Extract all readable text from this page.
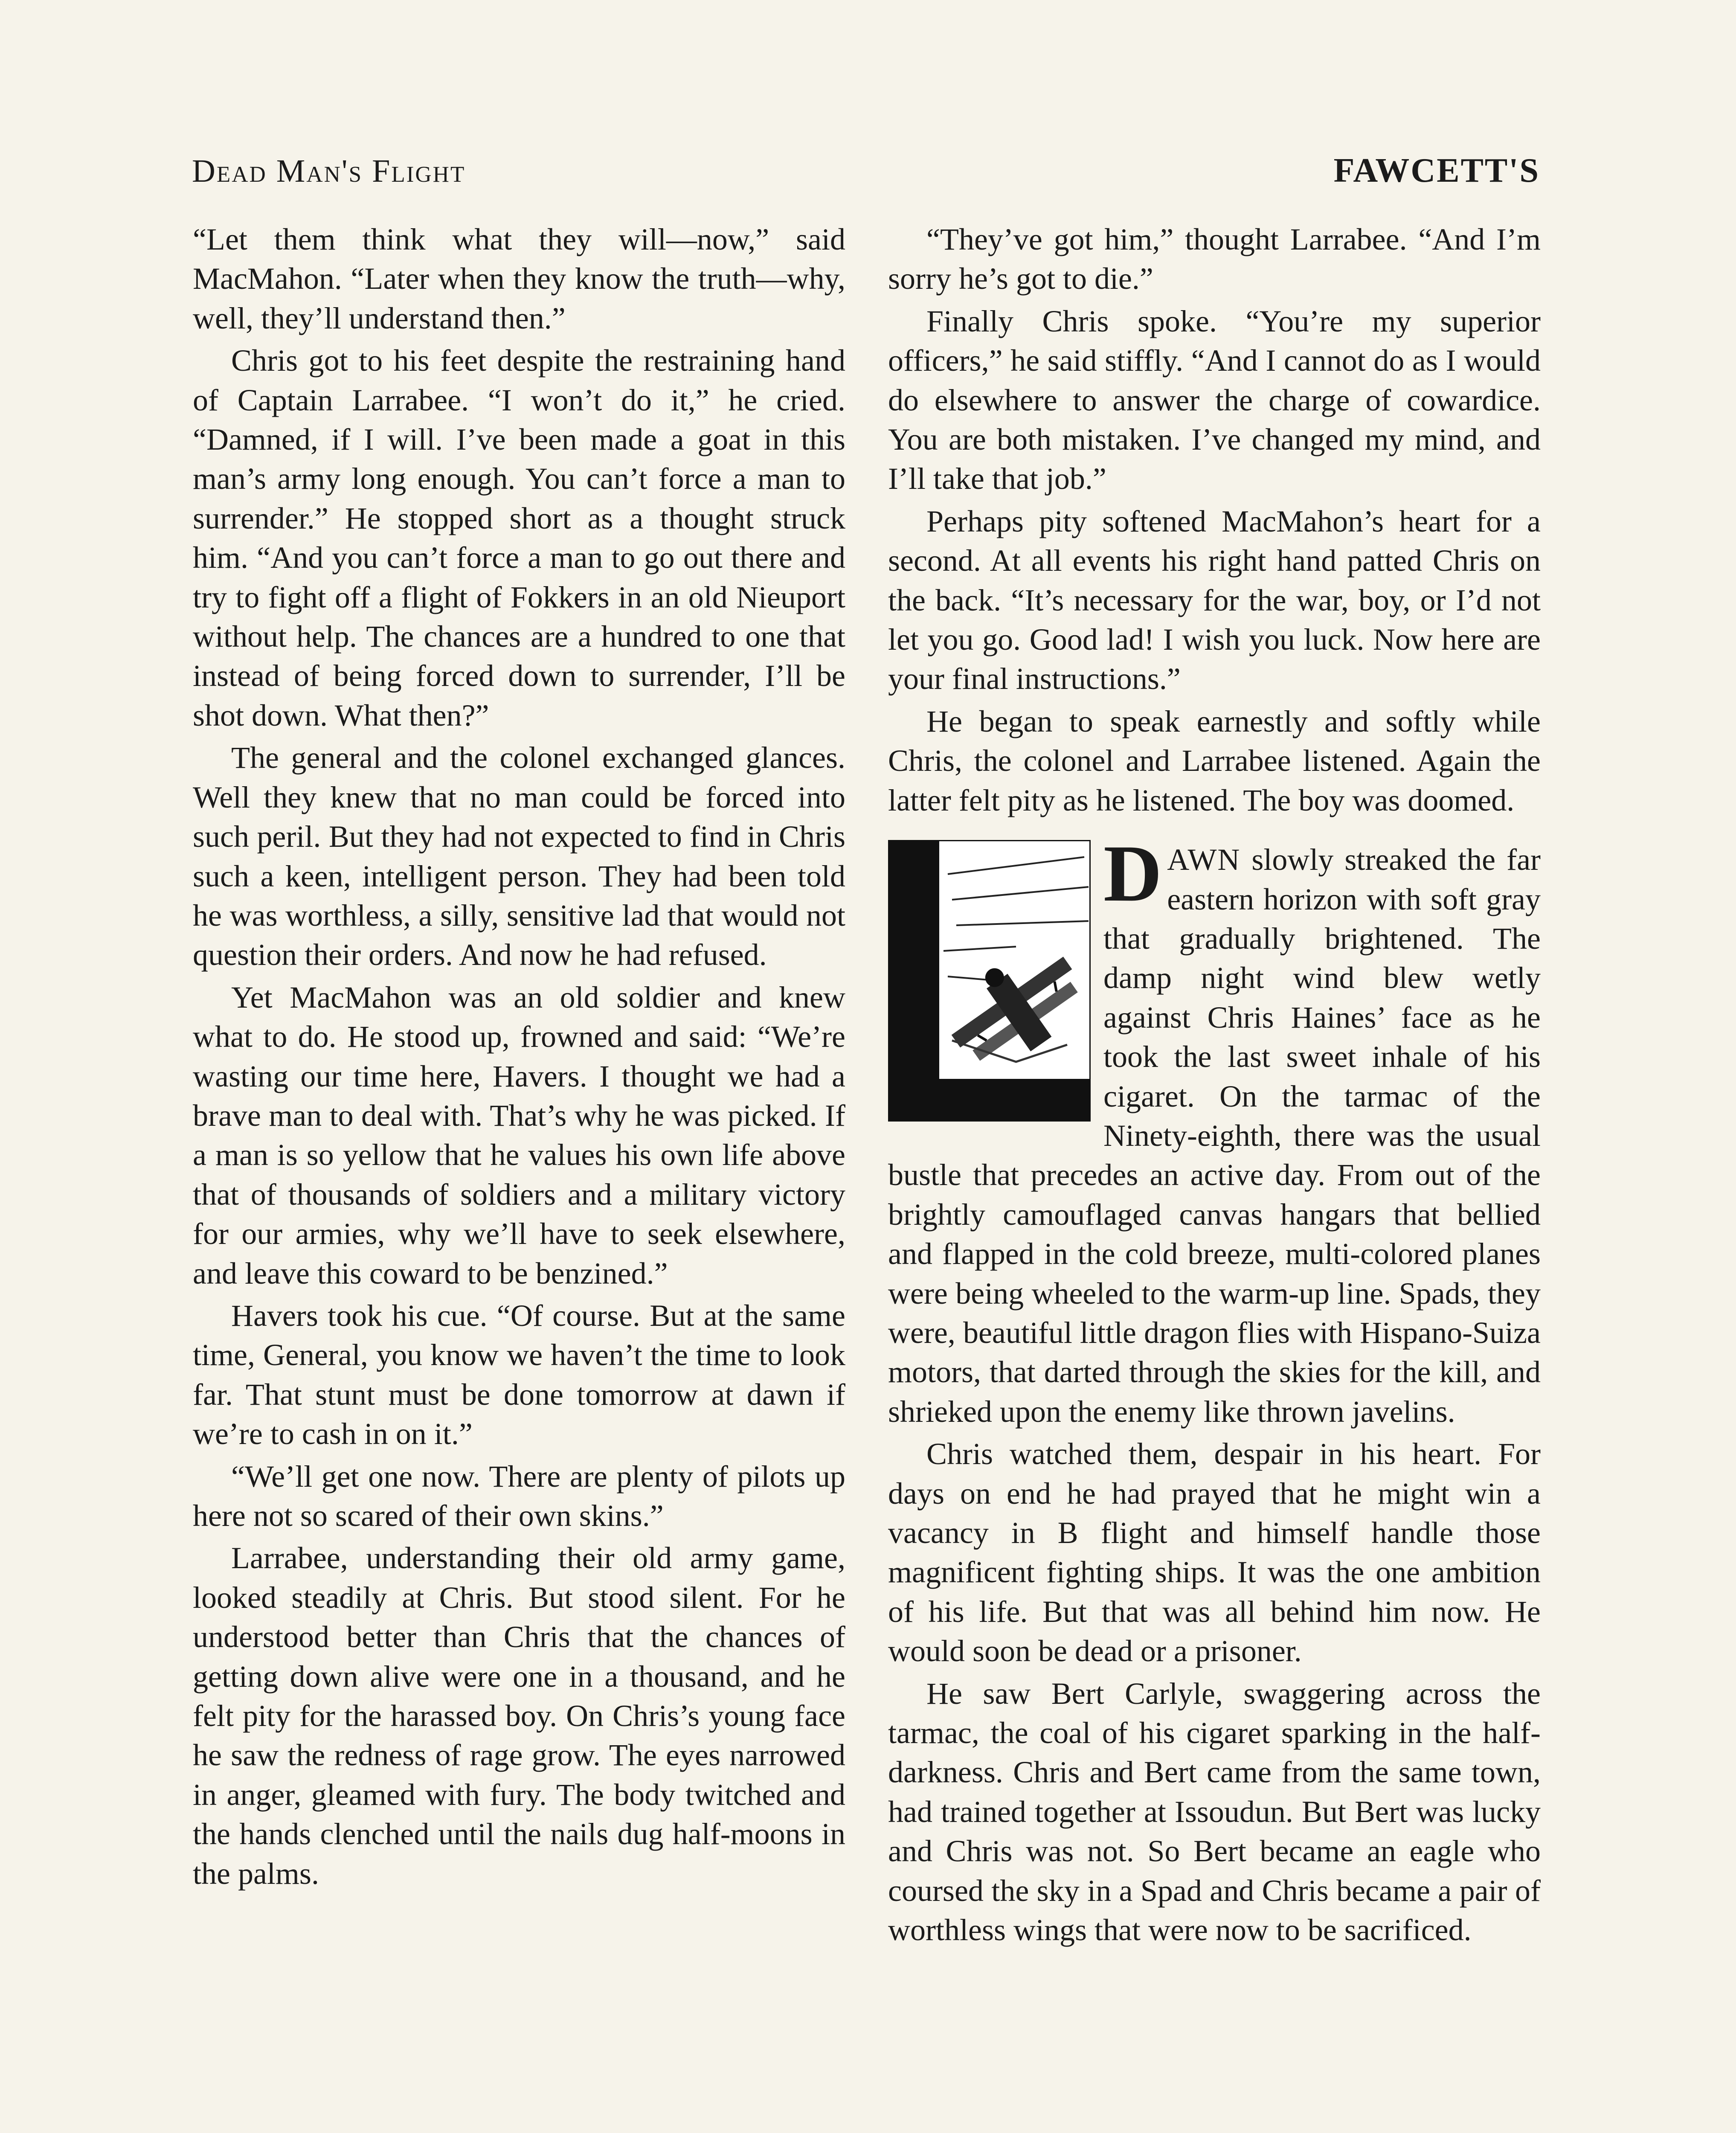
Dead Man's Flight	FAWCETT'S

“Let them think what they will—now,” said MacMahon. “Later when they know the truth—why, well, they’ll understand then.”

Chris got to his feet despite the restraining hand of Captain Larrabee. “I won’t do it,” he cried. “Damned, if I will. I’ve been made a goat in this man’s army long enough. You can’t force a man to surrender.” He stopped short as a thought struck him. “And you can’t force a man to go out there and try to fight off a flight of Fokkers in an old Nieuport without help. The chances are a hundred to one that instead of being forced down to surrender, I’ll be shot down. What then?”

The general and the colonel exchanged glances. Well they knew that no man could be forced into such peril. But they had not expected to find in Chris such a keen, intelligent person. They had been told he was worthless, a silly, sensitive lad that would not question their orders. And now he had refused.

Yet MacMahon was an old soldier and knew what to do. He stood up, frowned and said: “We’re wasting our time here, Havers. I thought we had a brave man to deal with. That’s why he was picked. If a man is so yellow that he values his own life above that of thousands of soldiers and a military victory for our armies, why we’ll have to seek elsewhere, and leave this coward to be benzined.”

Havers took his cue. “Of course. But at the same time, General, you know we haven’t the time to look far. That stunt must be done tomorrow at dawn if we’re to cash in on it.”

“We’ll get one now. There are plenty of pilots up here not so scared of their own skins.”

Larrabee, understanding their old army game, looked steadily at Chris. But stood silent. For he understood better than Chris that the chances of getting down alive were one in a thousand, and he felt pity for the harassed boy. On Chris’s young face he saw the redness of rage grow. The eyes narrowed in anger, gleamed with fury. The body twitched and the hands clenched until the nails dug half-moons in the palms.

“They’ve got him,” thought Larrabee. “And I’m sorry he’s got to die.”

Finally Chris spoke. “You’re my superior officers,” he said stiffly. “And I cannot do as I would do elsewhere to answer the charge of cowardice. You are both mistaken. I’ve changed my mind, and I’ll take that job.”

Perhaps pity softened MacMahon’s heart for a second. At all events his right hand patted Chris on the back. “It’s necessary for the war, boy, or I’d not let you go. Good lad! I wish you luck. Now here are your final instructions.”

He began to speak earnestly and softly while Chris, the colonel and Larrabee listened. Again the latter felt pity as he listened. The boy was doomed.

DAWN slowly streaked the far eastern horizon with soft gray that gradually brightened. The damp night wind blew wetly against Chris Haines’ face as he took the last sweet inhale of his cigaret. On the tarmac of the Ninety-eighth, there was the usual bustle that precedes an active day. From out of the brightly camouflaged canvas hangars that bellied and flapped in the cold breeze, multi-colored planes were being wheeled to the warm-up line. Spads, they were, beautiful little dragon flies with Hispano-Suiza motors, that darted through the skies for the kill, and shrieked upon the enemy like thrown javelins.

Chris watched them, despair in his heart. For days on end he had prayed that he might win a vacancy in B flight and himself handle those magnificent fighting ships. It was the one ambition of his life. But that was all behind him now. He would soon be dead or a prisoner.

He saw Bert Carlyle, swaggering across the tarmac, the coal of his cigaret sparking in the half-darkness. Chris and Bert came from the same town, had trained together at Issoudun. But Bert was lucky and Chris was not. So Bert became an eagle who coursed the sky in a Spad and Chris became a pair of worthless wings that were now to be sacrificed.
